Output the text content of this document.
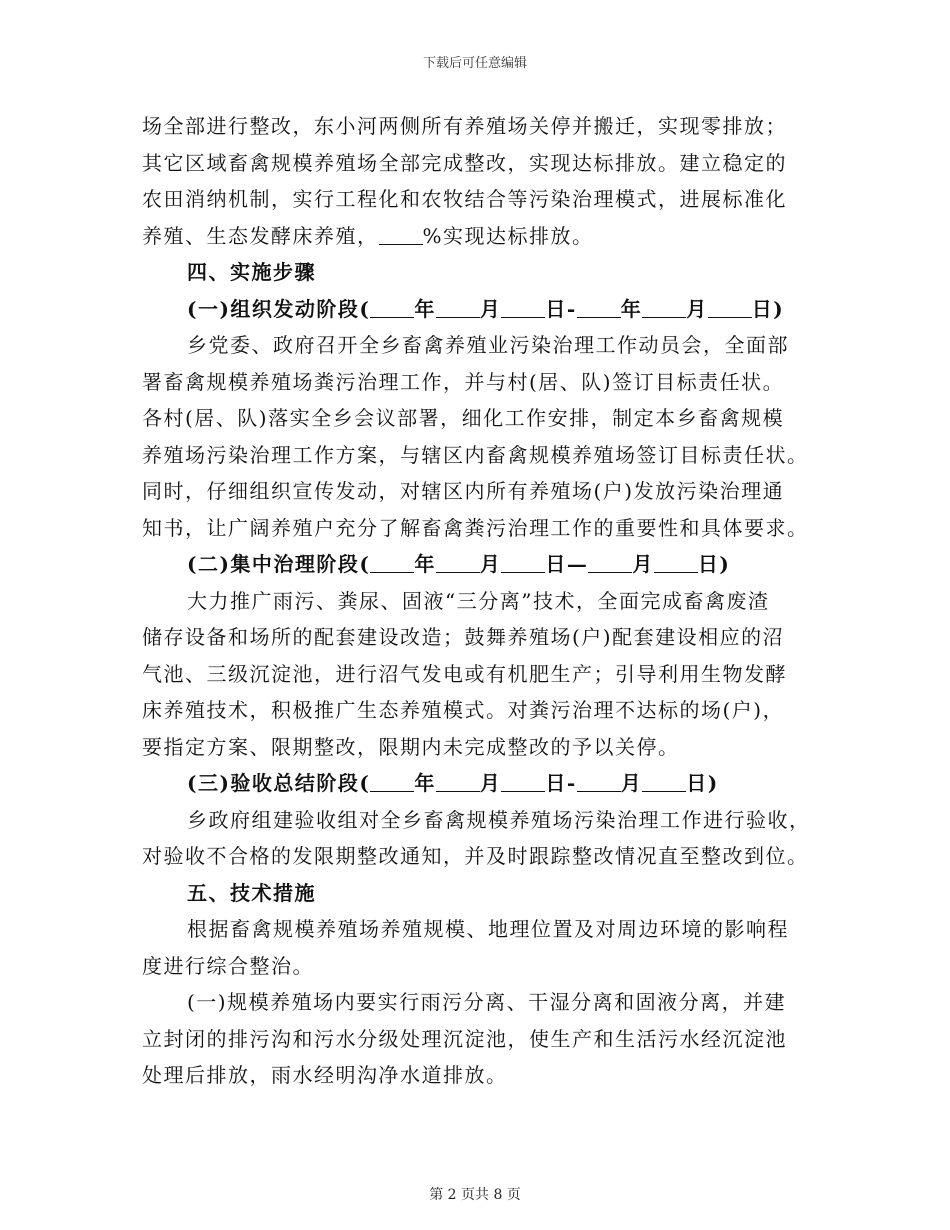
下载后可任意编辑
场全部进行整改，东小河两侧所有养殖场关停并搬迁，实现零排放；
其它区域畜禽规模养殖场全部完成整改，实现达标排放。建立稳定的
农田消纳机制，实行工程化和农牧结合等污染治理模式，进展标准化
养殖、生态发酵床养殖， %实现达标排放。
四、实施步骤
(一)组织发动阶段( 年 月 日- 年 月 日)
乡党委、政府召开全乡畜禽养殖业污染治理工作动员会，全面部
署畜禽规模养殖场粪污治理工作，并与村(居、队)签订目标责任状。
各村(居、队)落实全乡会议部署，细化工作安排，制定本乡畜禽规模
养殖场污染治理工作方案，与辖区内畜禽规模养殖场签订目标责任状。
同时，仔细组织宣传发动，对辖区内所有养殖场(户)发放污染治理通
知书，让广阔养殖户充分了解畜禽粪污治理工作的重要性和具体要求。
(二)集中治理阶段( 年 月 日— 月 日)
大力推广雨污、粪尿、固液“三分离”技术，全面完成畜禽废渣
储存设备和场所的配套建设改造；鼓舞养殖场(户)配套建设相应的沼
气池、三级沉淀池，进行沼气发电或有机肥生产；引导利用生物发酵
床养殖技术，积极推广生态养殖模式。对粪污治理不达标的场(户)，
要指定方案、限期整改，限期内未完成整改的予以关停。
(三)验收总结阶段( 年 月 日- 月 日)
乡政府组建验收组对全乡畜禽规模养殖场污染治理工作进行验收，
对验收不合格的发限期整改通知，并及时跟踪整改情况直至整改到位。
五、技术措施
根据畜禽规模养殖场养殖规模、地理位置及对周边环境的影响程
度进行综合整治。
(一)规模养殖场内要实行雨污分离、干湿分离和固液分离，并建
立封闭的排污沟和污水分级处理沉淀池，使生产和生活污水经沉淀池
处理后排放，雨水经明沟净水道排放。
第 2 页共 8 页
